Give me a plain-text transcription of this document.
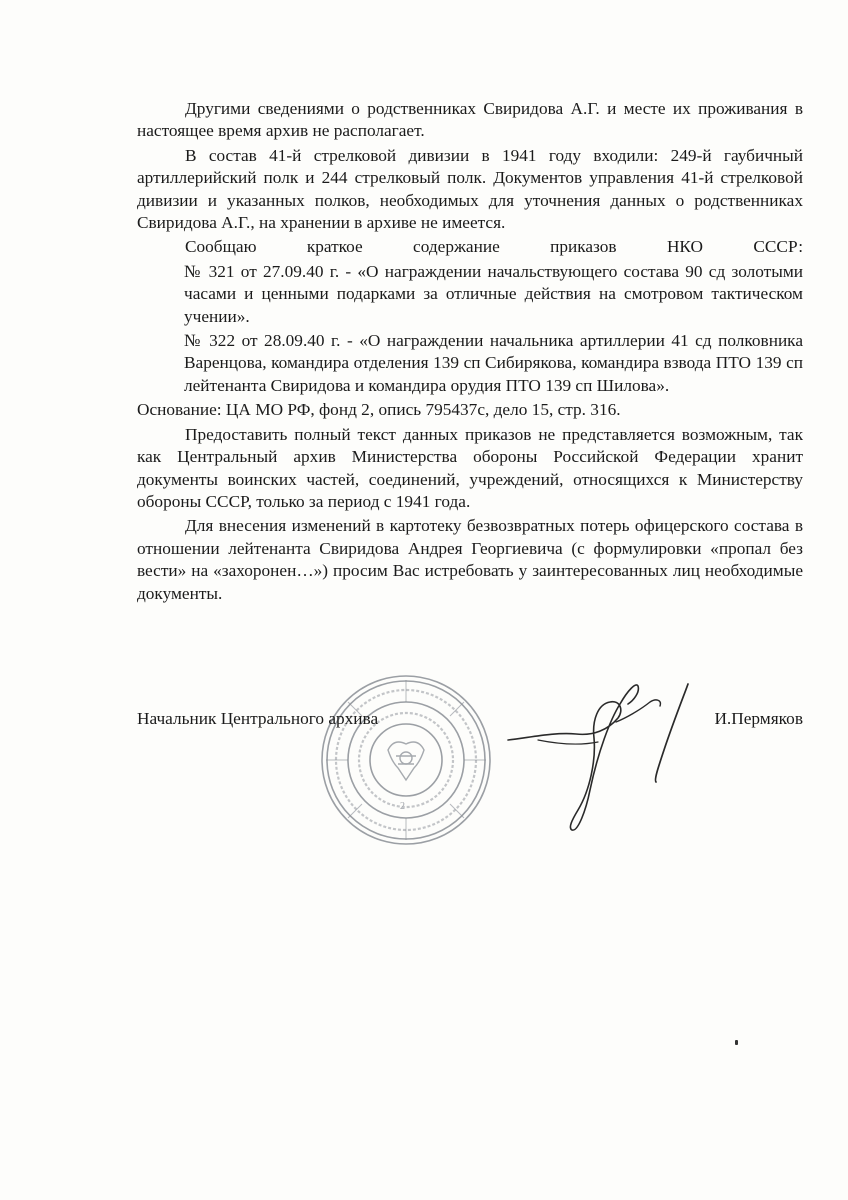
Другими сведениями о родственниках Свиридова А.Г. и месте их проживания в настоящее время архив не располагает.

В состав 41-й стрелковой дивизии в 1941 году входили: 249-й гаубичный артиллерийский полк и 244 стрелковый полк. Документов управления 41-й стрелковой дивизии и указанных полков, необходимых для уточнения данных о родственниках Свиридова А.Г., на хранении в архиве не имеется.

Сообщаю краткое содержание приказов НКО СССР:

№ 321 от 27.09.40 г. - «О награждении начальствующего состава 90 сд золотыми часами и ценными подарками за отличные действия на смотровом тактическом учении».

№ 322 от 28.09.40 г. - «О награждении начальника артиллерии 41 сд полковника Варенцова, командира отделения 139 сп Сибирякова, командира взвода ПТО 139 сп лейтенанта Свиридова и командира орудия ПТО 139 сп Шилова».

Основание: ЦА МО РФ, фонд 2, опись 795437с, дело 15, стр. 316.

Предоставить полный текст данных приказов не представляется возможным, так как Центральный архив Министерства обороны Российской Федерации хранит документы воинских частей, соединений, учреждений, относящихся к Министерству обороны СССР, только за период с 1941 года.

Для внесения изменений в картотеку безвозвратных потерь офицерского состава в отношении лейтенанта Свиридова Андрея Георгиевича (с формулировки «пропал без вести» на «захоронен…») просим Вас истребовать у заинтересованных лиц необходимые документы.

2
Начальник Центрального архива	И.Пермяков
